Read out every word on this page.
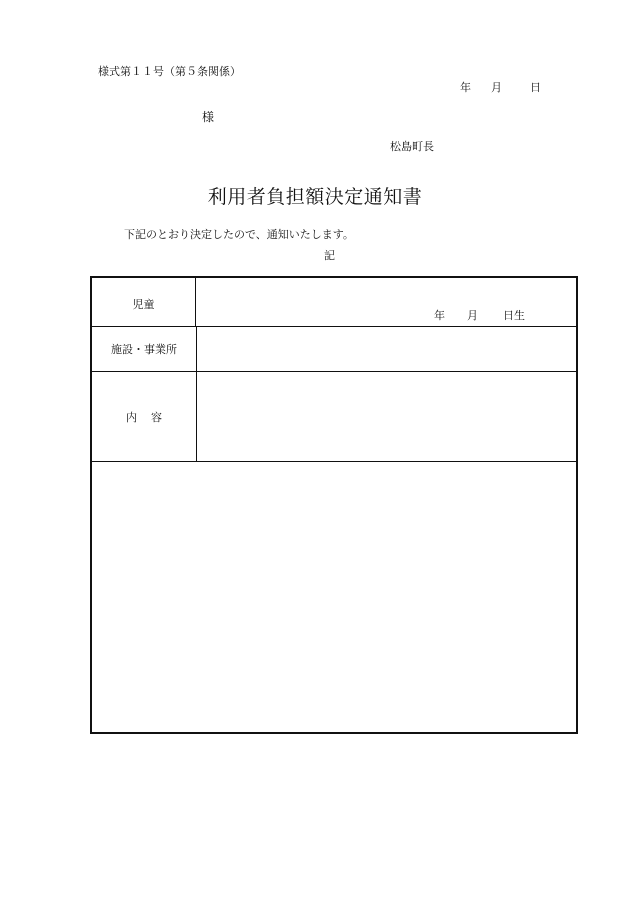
様式第１１号（第５条関係）
年 月	日
様
松島町長
利用者負担額決定通知書
下記のとおり決定したので、通知いたします。
記
児童
年 月 日生
施設・事業所
内 容
